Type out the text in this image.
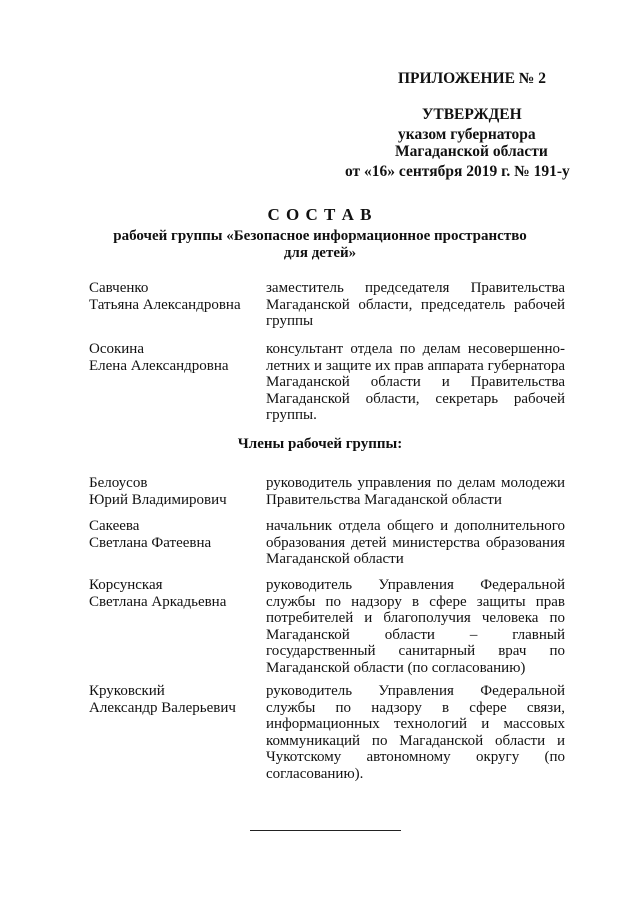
ПРИЛОЖЕНИЕ № 2
УТВЕРЖДЕН
указом губернатора
Магаданской области
от «16» сентября 2019 г. № 191-у
С О С Т А В
рабочей группы «Безопасное информационное пространство
для детей»
Савченко
Татьяна Александровна
заместитель председателя Правительства Магаданской области, председатель рабочей группы
Осокина
Елена Александровна
консультант отдела по делам несовершеннолетних и защите их прав аппарата губернатора Магаданской области и Правительства Магаданской области, секретарь рабочей группы.
Члены рабочей группы:
Белоусов
Юрий Владимирович
руководитель управления по делам молодежи Правительства Магаданской области
Сакеева
Светлана Фатеевна
начальник отдела общего и дополнительного образования детей министерства образования Магаданской области
Корсунская
Светлана Аркадьевна
руководитель Управления Федеральной службы по надзору в сфере защиты прав потребителей и благополучия человека по Магаданской области – главный государственный санитарный врач по Магаданской области (по согласованию)
Круковский
Александр Валерьевич
руководитель Управления Федеральной службы по надзору в сфере связи, информационных технологий и массовых коммуникаций по Магаданской области и Чукотскому автономному округу (по согласованию).
